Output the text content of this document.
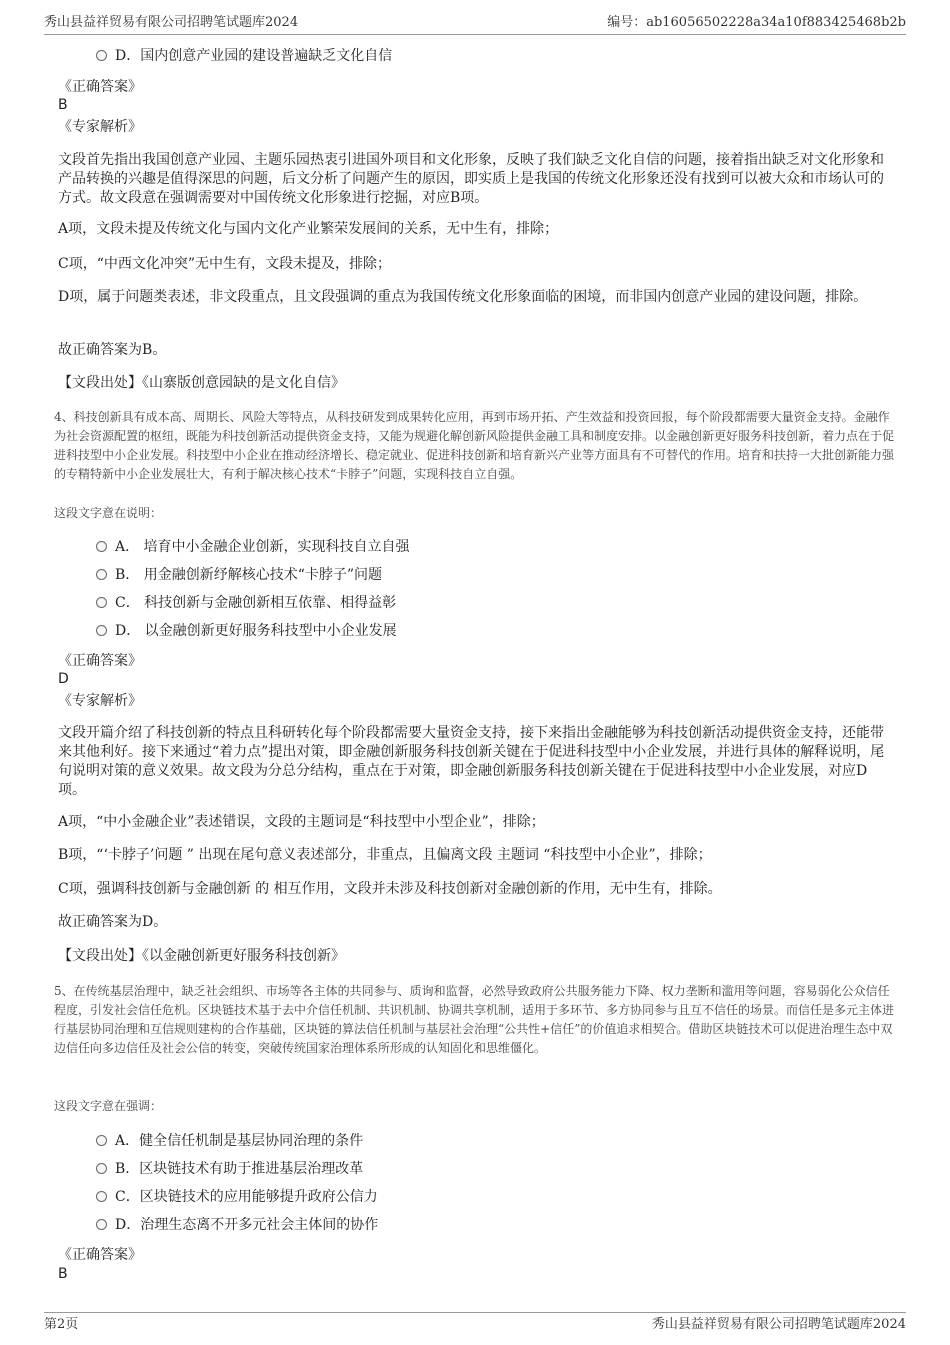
秀山县益祥贸易有限公司招聘笔试题库2024	编号：ab16056502228a34a10f883425468b2b
D．国内创意产业园的建设普遍缺乏文化自信
《正确答案》
B
《专家解析》
文段首先指出我国创意产业园、主题乐园热衷引进国外项目和文化形象，反映了我们缺乏文化自信的问题，接着指出缺乏对文化形象和产品转换的兴趣是值得深思的问题，后文分析了问题产生的原因，即实质上是我国的传统文化形象还没有找到可以被大众和市场认可的方式。故文段意在强调需要对中国传统文化形象进行挖掘，对应B项。
A项，文段未提及传统文化与国内文化产业繁荣发展间的关系，无中生有，排除；
C项，“中西文化冲突”无中生有，文段未提及，排除；
D项，属于问题类表述，非文段重点，且文段强调的重点为我国传统文化形象面临的困境，而非国内创意产业园的建设问题，排除。
故正确答案为B。
【文段出处】《山寨版创意园缺的是文化自信》
4、科技创新具有成本高、周期长、风险大等特点，从科技研发到成果转化应用，再到市场开拓、产生效益和投资回报，每个阶段都需要大量资金支持。金融作为社会资源配置的枢纽，既能为科技创新活动提供资金支持，又能为规避化解创新风险提供金融工具和制度安排。以金融创新更好服务科技创新，着力点在于促进科技型中小企业发展。科技型中小企业在推动经济增长、稳定就业、促进科技创新和培育新兴产业等方面具有不可替代的作用。培育和扶持一大批创新能力强的专精特新中小企业发展壮大，有利于解决核心技术“卡脖子”问题，实现科技自立自强。
这段文字意在说明：
A． 培育中小金融企业创新，实现科技自立自强
B． 用金融创新纾解核心技术“卡脖子”问题
C． 科技创新与金融创新相互依靠、相得益彰
D． 以金融创新更好服务科技型中小企业发展
《正确答案》
D
《专家解析》
文段开篇介绍了科技创新的特点且科研转化每个阶段都需要大量资金支持，接下来指出金融能够为科技创新活动提供资金支持，还能带来其他利好。接下来通过“着力点”提出对策，即金融创新服务科技创新关键在于促进科技型中小企业发展，并进行具体的解释说明，尾句说明对策的意义效果。故文段为分总分结构，重点在于对策，即金融创新服务科技创新关键在于促进科技型中小企业发展，对应D项。
A项，“中小金融企业”表述错误，文段的主题词是“科技型中小型企业”，排除；
B项，“‘卡脖子’问题 ” 出现在尾句意义表述部分，非重点，且偏离文段 主题词 “科技型中小企业”，排除；
C项，强调科技创新与金融创新 的 相互作用，文段并未涉及科技创新对金融创新的作用，无中生有，排除。
故正确答案为D。
【文段出处】《以金融创新更好服务科技创新》
5、在传统基层治理中，缺乏社会组织、市场等各主体的共同参与、质询和监督，必然导致政府公共服务能力下降、权力垄断和滥用等问题，容易弱化公众信任程度，引发社会信任危机。区块链技术基于去中介信任机制、共识机制、协调共享机制，适用于多环节、多方协同参与且互不信任的场景。而信任是多元主体进行基层协同治理和互信规则建构的合作基础，区块链的算法信任机制与基层社会治理“公共性+信任”的价值追求相契合。借助区块链技术可以促进治理生态中双边信任向多边信任及社会公信的转变，突破传统国家治理体系所形成的认知固化和思维僵化。
这段文字意在强调：
A．健全信任机制是基层协同治理的条件
B．区块链技术有助于推进基层治理改革
C．区块链技术的应用能够提升政府公信力
D．治理生态离不开多元社会主体间的协作
《正确答案》
B
第2页	秀山县益祥贸易有限公司招聘笔试题库2024
